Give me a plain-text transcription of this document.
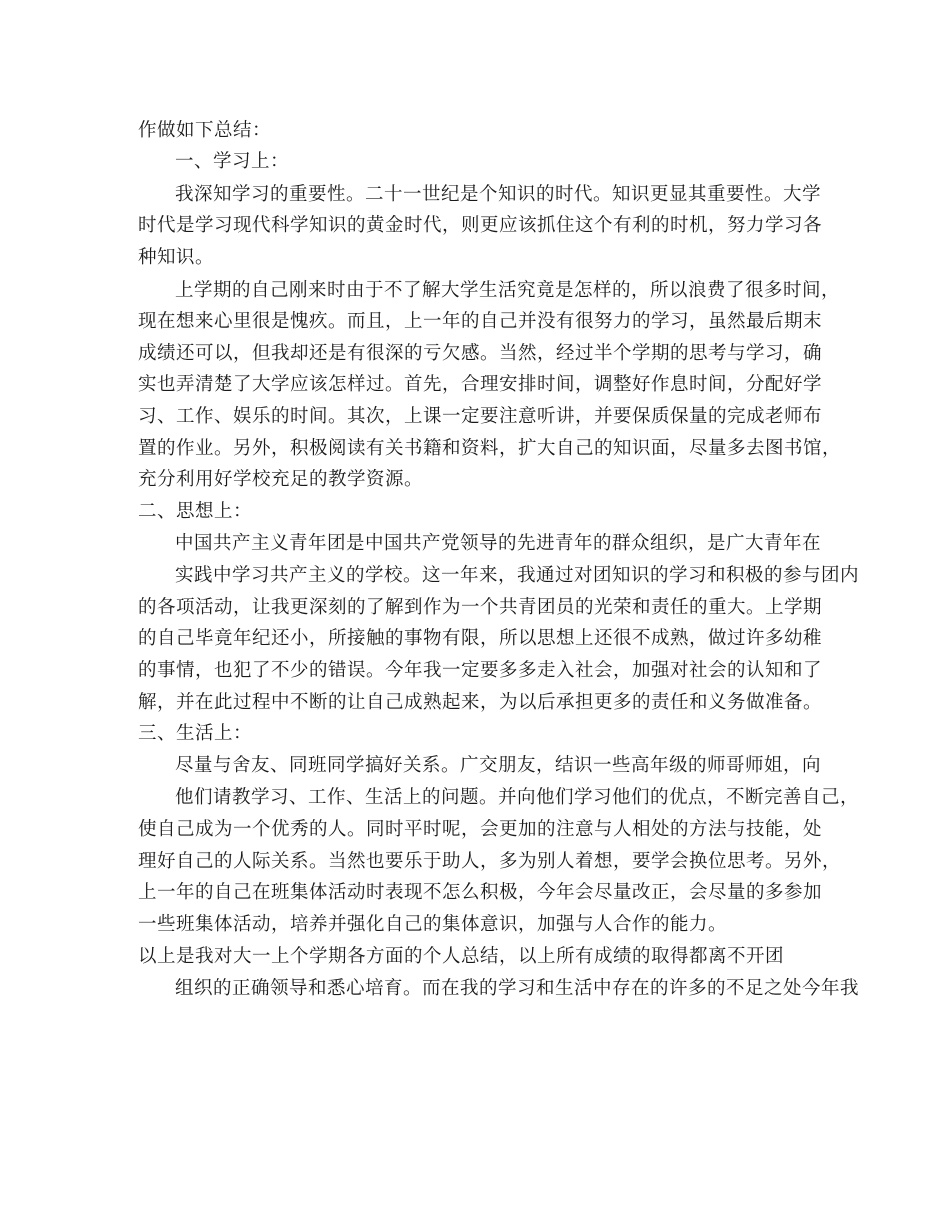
作做如下总结：
一、学习上：
我深知学习的重要性。二十一世纪是个知识的时代。知识更显其重要性。大学
时代是学习现代科学知识的黄金时代，则更应该抓住这个有利的时机，努力学习各
种知识。
上学期的自己刚来时由于不了解大学生活究竟是怎样的，所以浪费了很多时间，
现在想来心里很是愧疚。而且，上一年的自己并没有很努力的学习，虽然最后期末
成绩还可以，但我却还是有很深的亏欠感。当然，经过半个学期的思考与学习，确
实也弄清楚了大学应该怎样过。首先，合理安排时间，调整好作息时间，分配好学
习、工作、娱乐的时间。其次，上课一定要注意听讲，并要保质保量的完成老师布
置的作业。另外，积极阅读有关书籍和资料，扩大自己的知识面，尽量多去图书馆，
充分利用好学校充足的教学资源。
二、思想上：
中国共产主义青年团是中国共产党领导的先进青年的群众组织，是广大青年在
实践中学习共产主义的学校。这一年来，我通过对团知识的学习和积极的参与团内
的各项活动，让我更深刻的了解到作为一个共青团员的光荣和责任的重大。上学期
的自己毕竟年纪还小，所接触的事物有限，所以思想上还很不成熟，做过许多幼稚
的事情，也犯了不少的错误。今年我一定要多多走入社会，加强对社会的认知和了
解，并在此过程中不断的让自己成熟起来，为以后承担更多的责任和义务做准备。
三、生活上：
尽量与舍友、同班同学搞好关系。广交朋友，结识一些高年级的师哥师姐，向
他们请教学习、工作、生活上的问题。并向他们学习他们的优点，不断完善自己，
使自己成为一个优秀的人。同时平时呢，会更加的注意与人相处的方法与技能，处
理好自己的人际关系。当然也要乐于助人，多为别人着想，要学会换位思考。另外，
上一年的自己在班集体活动时表现不怎么积极，今年会尽量改正，会尽量的多参加
一些班集体活动，培养并强化自己的集体意识，加强与人合作的能力。
以上是我对大一上个学期各方面的个人总结，以上所有成绩的取得都离不开团
组织的正确领导和悉心培育。而在我的学习和生活中存在的许多的不足之处今年我
